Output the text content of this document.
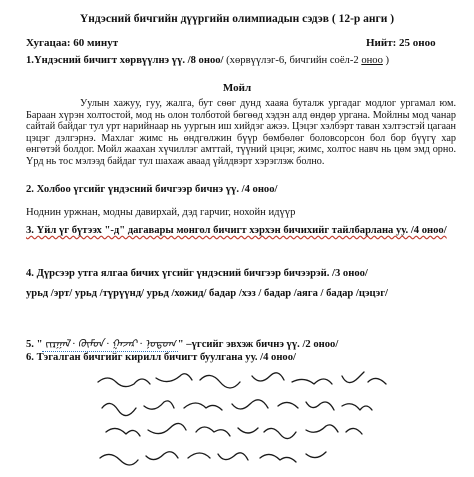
Үндэсний бичгийн дүүргийн олимпиадын сэдэв ( 12-р анги )
Хугацаа: 60 минут	Нийт: 25 оноо
1.Үндэсний бичигт хөрвүүлнэ үү. /8 оноо/ (хөрвүүлэг-6, бичгийн соёл-2 оноо )
Мойл
Уулын хажуу, гуу, жалга, бут сөөг дунд хааяа буталж ургадаг модлог ургамал юм. Бараан хүрэн холтостой, мод нь олон толботой бөгөөд хэдэн алд өндөр ургана. Мойлны мод чанар сайтай байдаг тул урт нарийнаар нь уургын иш хийдэг ажээ. Цэцэг хэлбэрт таван хэлтэстэй цагаан цэцэг дэлгэрнэ. Махлаг жимс нь өндгөлжин бүүр бөмбөлөг боловсорсон бол бор бүүгү хар өнгөтэй болдог. Мойл жаахан хүчиллэг амттай, түүний цэцэг, жимс, холтос навч нь цөм эмд орно. Үрд нь тос мэлээд байдаг тул шахаж аваад үйлдвэрт хэрэглэж болно.
2. Холбоо үгсийг үндэсний бичгээр бичнэ үү. /4 оноо/
Ноднин уржнан, модны давирхай, дэд гарчиг, нохойн идүүр
3. Үйл үг бүтээх "-д" дагавары монгол бичигт хэрхэн бичихийг тайлбарлана уу. /4 оноо/
4. Дүрсээр утга ялгаа бичих үгсийг үндэсний бичгээр бичээрэй. /3 оноо/
урьд /эрт/ урьд /түрүүнд/ урьд /хожид/ бадар /хэз / бадар /аяга / бадар /цэцэг/
5. " ᠵᠢᠷᠭᠠᠯ · ᠬᠦᠮᠦᠨ · ᠭᠠᠵᠠᠷ · ᠨᠤᠲᠤᠭ " –үгсийг эвхэж бичнэ үү. /2 оноо/
6. Тэгалган бичгийг кирилл бичигт буулгана уу. /4 оноо/
